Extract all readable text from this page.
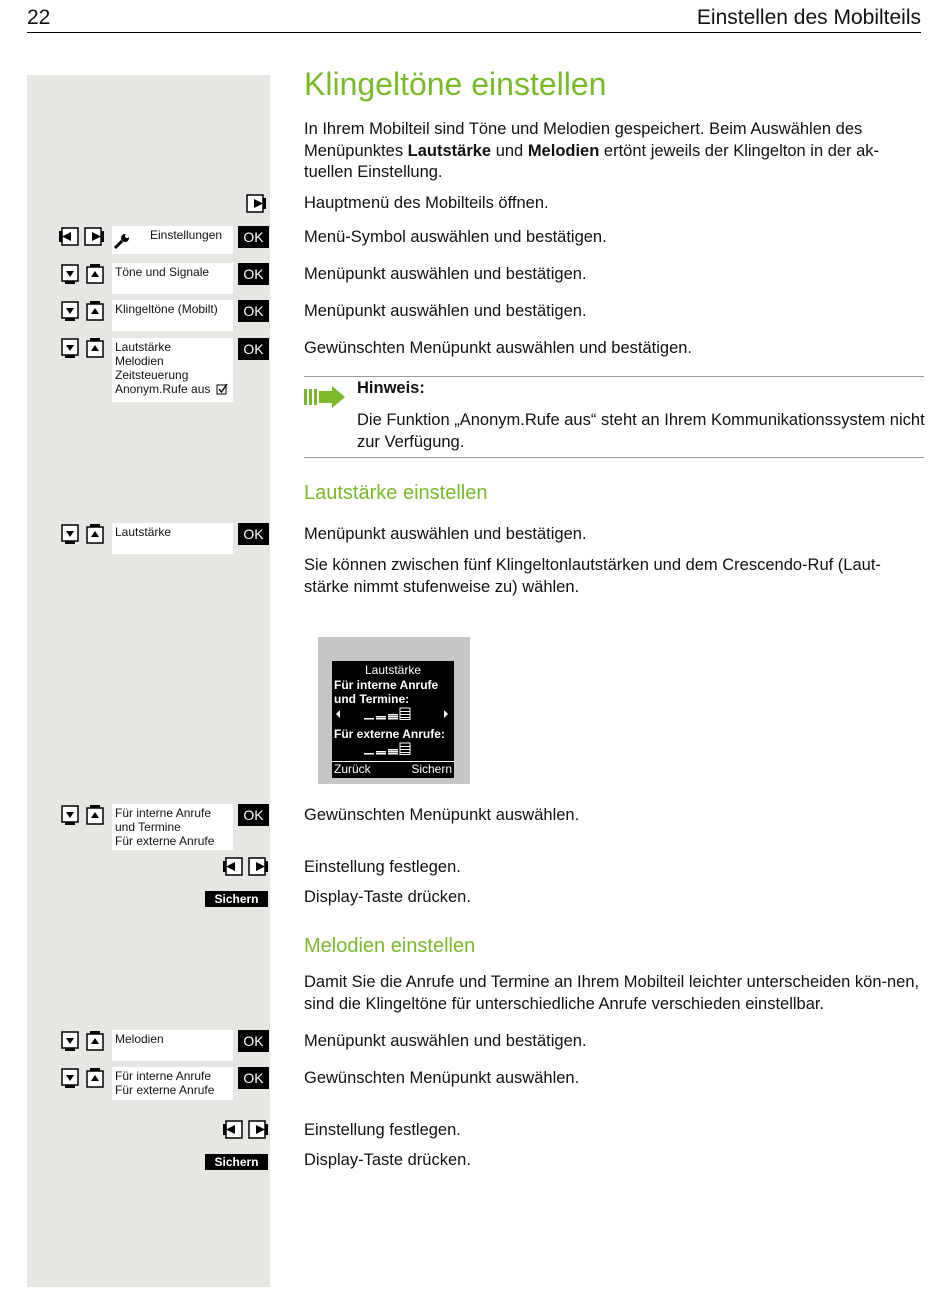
22	Einstellen des Mobilteils
Klingeltöne einstellen
In Ihrem Mobilteil sind Töne und Melodien gespeichert. Beim Auswählen des Menüpunktes Lautstärke und Melodien ertönt jeweils der Klingelton in der ak-tuellen Einstellung.
Hauptmenü des Mobilteils öffnen.
Einstellungen	OK	Menü-Symbol auswählen und bestätigen.
Töne und Signale	OK	Menüpunkt auswählen und bestätigen.
Klingeltöne (Mobilt)	OK	Menüpunkt auswählen und bestätigen.
Lautstärke
Melodien
Zeitsteuerung
Anonym.Rufe aus
OK	Gewünschten Menüpunkt auswählen und bestätigen.
Hinweis:
Die Funktion „Anonym.Rufe aus“ steht an Ihrem Kommunikationssystem nicht zur Verfügung.
Lautstärke einstellen
Lautstärke	OK	Menüpunkt auswählen und bestätigen.
Sie können zwischen fünf Klingeltonlautstärken und dem Crescendo-Ruf (Laut-stärke nimmt stufenweise zu) wählen.
Lautstärke
Für interne Anrufe
und Termine:
Für externe Anrufe:
Zurück	Sichern
Für interne Anrufe
und Termine
Für externe Anrufe
OK	Gewünschten Menüpunkt auswählen.
Einstellung festlegen.
Sichern	Display-Taste drücken.
Melodien einstellen
Damit Sie die Anrufe und Termine an Ihrem Mobilteil leichter unterscheiden kön-nen, sind die Klingeltöne für unterschiedliche Anrufe verschieden einstellbar.
Melodien	OK	Menüpunkt auswählen und bestätigen.
Für interne Anrufe
Für externe Anrufe
OK	Gewünschten Menüpunkt auswählen.
Einstellung festlegen.
Sichern	Display-Taste drücken.
